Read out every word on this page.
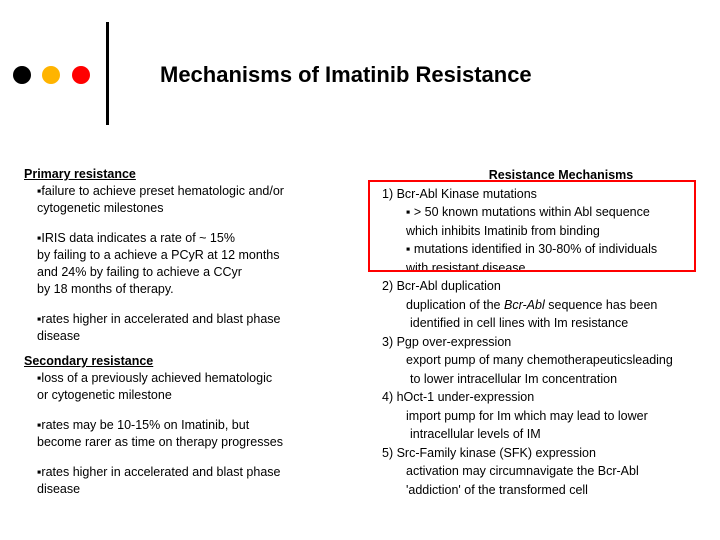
Mechanisms of Imatinib Resistance
Primary resistance
▪failure to achieve preset hematologic and/or
cytogenetic milestones
▪IRIS data indicates a rate of ~ 15%
by failing to a achieve a PCyR at 12 months
and 24% by failing to achieve a CCyr
by 18 months of therapy.
▪rates higher in accelerated and blast phase
disease
Secondary resistance
▪loss of a previously achieved hematologic
or cytogenetic milestone
▪rates may be 10-15% on Imatinib, but
become rarer as time on therapy progresses
▪rates higher in accelerated and blast phase
disease
Resistance Mechanisms
1) Bcr-Abl Kinase mutations
▪ > 50 known mutations within Abl sequence
which inhibits Imatinib from binding
▪ mutations identified in 30-80% of individuals
with resistant disease
2) Bcr-Abl duplication
duplication of the Bcr-Abl sequence has been
identified in cell lines with Im resistance
3) Pgp over-expression
export pump of many chemotherapeuticsleading
to lower intracellular Im concentration
4) hOct-1 under-expression
import pump for Im which may lead to lower
intracellular levels of IM
5) Src-Family kinase (SFK) expression
activation may circumnavigate the Bcr-Abl
'addiction' of the transformed cell
